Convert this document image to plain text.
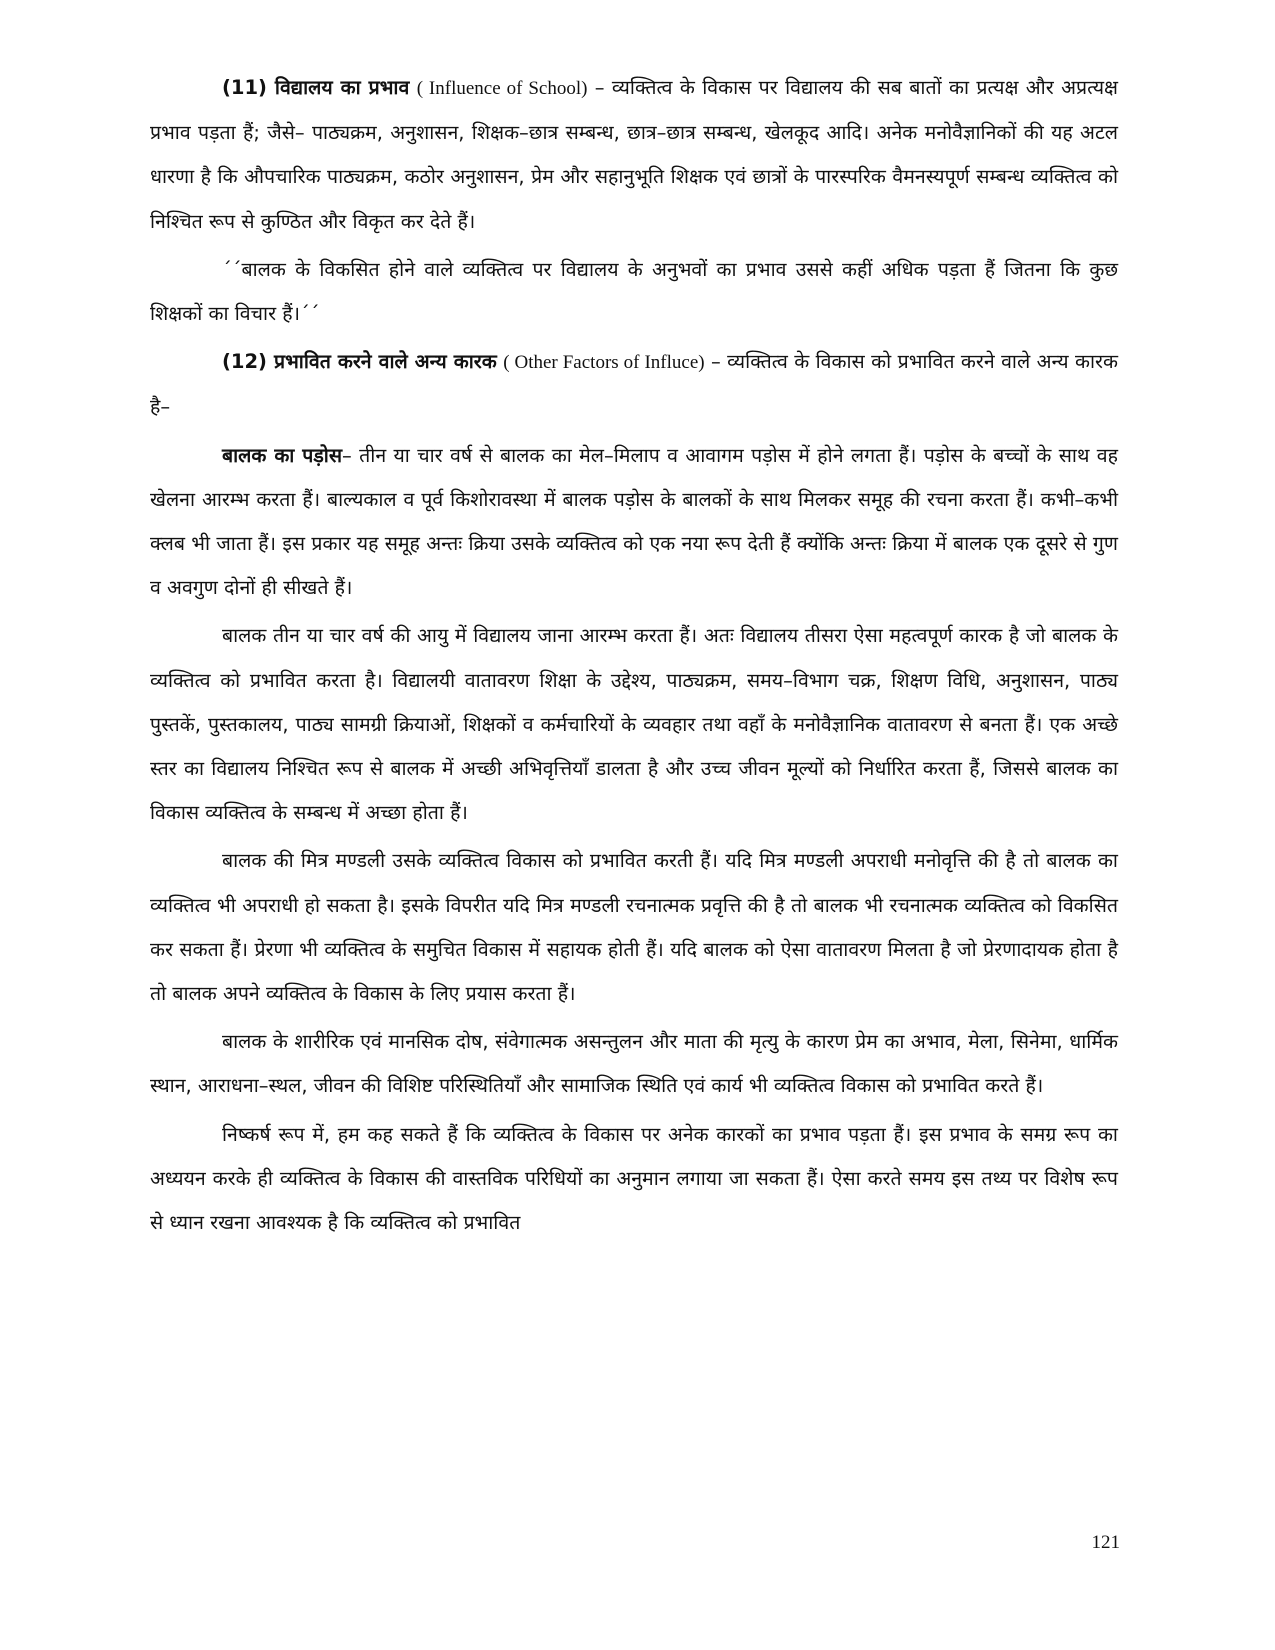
(11) विद्यालय का प्रभाव ( Influence of School) – व्यक्तित्व के विकास पर विद्यालय की सब बातों का प्रत्यक्ष और अप्रत्यक्ष प्रभाव पड़ता हैं; जैसे– पाठ्यक्रम, अनुशासन, शिक्षक–छात्र सम्बन्ध, छात्र–छात्र सम्बन्ध, खेलकूद आदि। अनेक मनोवैज्ञानिकों की यह अटल धारणा है कि औपचारिक पाठ्यक्रम, कठोर अनुशासन, प्रेम और सहानुभूति शिक्षक एवं छात्रों के पारस्परिक वैमनस्यपूर्ण सम्बन्ध व्यक्तित्व को निश्चित रूप से कुण्ठित और विकृत कर देते हैं।

´´बालक के विकसित होने वाले व्यक्तित्व पर विद्यालय के अनुभवों का प्रभाव उससे कहीं अधिक पड़ता हैं जितना कि कुछ शिक्षकों का विचार हैं।´´

(12) प्रभावित करने वाले अन्य कारक ( Other Factors of Influce) – व्यक्तित्व के विकास को प्रभावित करने वाले अन्य कारक है–

बालक का पड़ोस– तीन या चार वर्ष से बालक का मेल–मिलाप व आवागम पड़ोस में होने लगता हैं। पड़ोस के बच्चों के साथ वह खेलना आरम्भ करता हैं। बाल्यकाल व पूर्व किशोरावस्था में बालक पड़ोस के बालकों के साथ मिलकर समूह की रचना करता हैं। कभी–कभी क्लब भी जाता हैं। इस प्रकार यह समूह अन्तः क्रिया उसके व्यक्तित्व को एक नया रूप देती हैं क्योंकि अन्तः क्रिया में बालक एक दूसरे से गुण व अवगुण दोनों ही सीखते हैं।

बालक तीन या चार वर्ष की आयु में विद्यालय जाना आरम्भ करता हैं। अतः विद्यालय तीसरा ऐसा महत्वपूर्ण कारक है जो बालक के व्यक्तित्व को प्रभावित करता है। विद्यालयी वातावरण शिक्षा के उद्देश्य, पाठ्यक्रम, समय–विभाग चक्र, शिक्षण विधि, अनुशासन, पाठ्य पुस्तकें, पुस्तकालय, पाठ्य सामग्री क्रियाओं, शिक्षकों व कर्मचारियों के व्यवहार तथा वहाँ के मनोवैज्ञानिक वातावरण से बनता हैं। एक अच्छे स्तर का विद्यालय निश्चित रूप से बालक में अच्छी अभिवृत्तियाँ डालता है और उच्च जीवन मूल्यों को निर्धारित करता हैं, जिससे बालक का विकास व्यक्तित्व के सम्बन्ध में अच्छा होता हैं।

बालक की मित्र मण्डली उसके व्यक्तित्व विकास को प्रभावित करती हैं। यदि मित्र मण्डली अपराधी मनोवृत्ति की है तो बालक का व्यक्तित्व भी अपराधी हो सकता है। इसके विपरीत यदि मित्र मण्डली रचनात्मक प्रवृत्ति की है तो बालक भी रचनात्मक व्यक्तित्व को विकसित कर सकता हैं। प्रेरणा भी व्यक्तित्व के समुचित विकास में सहायक होती हैं। यदि बालक को ऐसा वातावरण मिलता है जो प्रेरणादायक होता है तो बालक अपने व्यक्तित्व के विकास के लिए प्रयास करता हैं।

बालक के शारीरिक एवं मानसिक दोष, संवेगात्मक असन्तुलन और माता की मृत्यु के कारण प्रेम का अभाव, मेला, सिनेमा, धार्मिक स्थान, आराधना–स्थल, जीवन की विशिष्ट परिस्थितियाँ और सामाजिक स्थिति एवं कार्य भी व्यक्तित्व विकास को प्रभावित करते हैं।

निष्कर्ष रूप में, हम कह सकते हैं कि व्यक्तित्व के विकास पर अनेक कारकों का प्रभाव पड़ता हैं। इस प्रभाव के समग्र रूप का अध्ययन करके ही व्यक्तित्व के विकास की वास्तविक परिधियों का अनुमान लगाया जा सकता हैं। ऐसा करते समय इस तथ्य पर विशेष रूप से ध्यान रखना आवश्यक है कि व्यक्तित्व को प्रभावित

121
